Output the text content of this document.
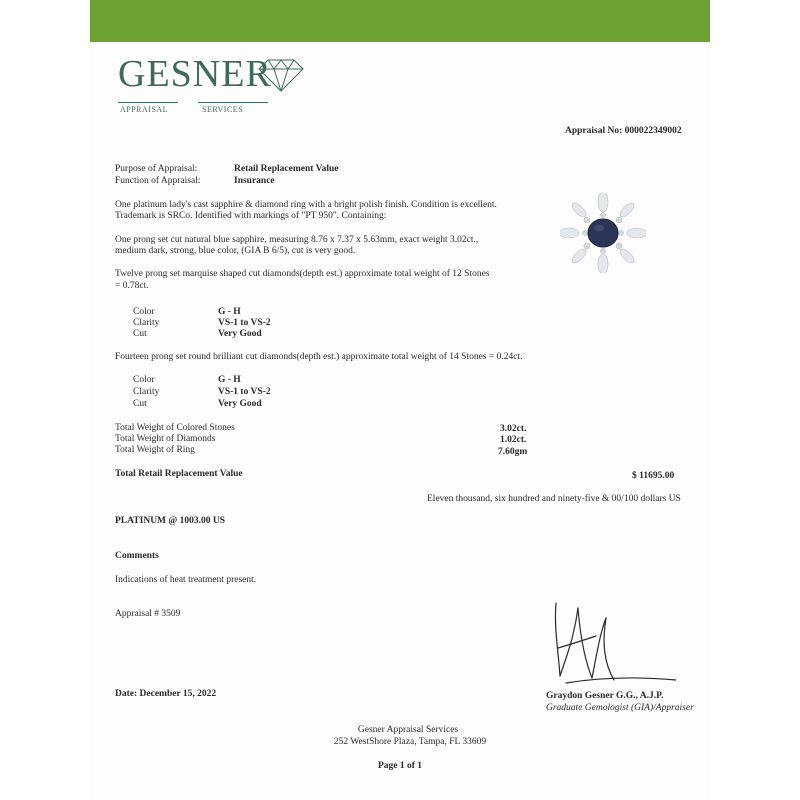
GESNER
APPRAISAL	SERVICES
Appraisal No: 000022349002
Purpose of Appraisal:	Retail Replacement Value
Function of Appraisal:	Insurance
One platinum lady's cast sapphire & diamond ring with a bright polish finish. Condition is excellent.
Trademark is SRCo. Identified with markings of "PT 950". Containing:
One prong set cut natural blue sapphire, measuring 8.76 x 7.37 x 5.63mm, exact weight 3.02ct.,
medium dark, strong, blue color, (GIA B 6/5), cut is very good.
Twelve prong set marquise shaped cut diamonds(depth est.) approximate total weight of 12 Stones
= 0.78ct.
Color	G - H
Clarity	VS-1 to VS-2
Cut	Very Good
Fourteen prong set round brilliant cut diamonds(depth est.) approximate total weight of 14 Stones = 0.24ct.
Color	G - H
Clarity	VS-1 to VS-2
Cut	Very Good
Total Weight of Colored Stones	3.02ct.
Total Weight of Diamonds	1.02ct.
Total Weight of Ring	7.60gm
Total Retail Replacement Value	$ 11695.00
Eleven thousand, six hundred and ninety-five & 00/100 dollars US
PLATINUM @ 1003.00 US
Comments
Indications of heat treatment present.
Appraisal # 3509
Date: December 15, 2022	Graydon Gesner G.G., A.J.P.
Graduate Gemologist (GIA)/Appraiser
Gesner Appraisal Services
252 WestShore Plaza, Tampa, FL 33609
Page 1 of 1
